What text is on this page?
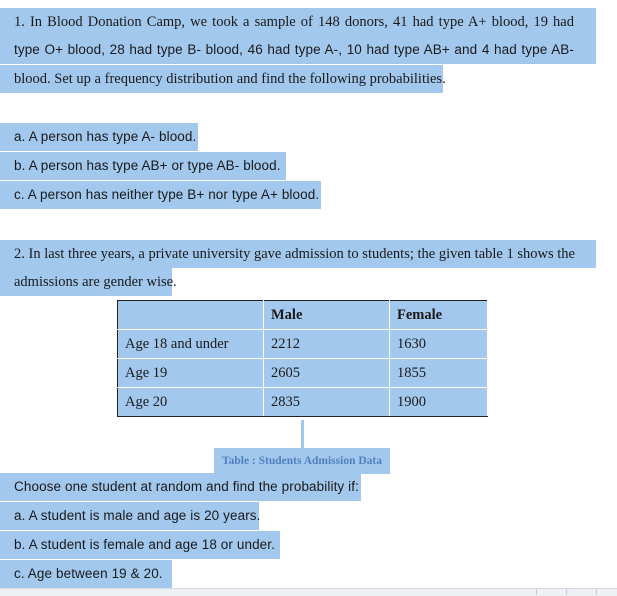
1. In Blood Donation Camp, we took a sample of 148 donors, 41 had type A+ blood, 19 had
type O+ blood, 28 had type B- blood, 46 had type A-, 10 had type AB+ and 4 had type AB-
blood. Set up a frequency distribution and find the following probabilities.
a. A person has type A- blood.
b. A person has type AB+ or type AB- blood.
c. A person has neither type B+ nor type A+ blood.
2. In last three years, a private university gave admission to students; the given table 1 shows the
admissions are gender wise.
	Male	Female	
Age 18 and under	2212	1630	
Age 19	2605	1855	
Age 20	2835	1900	
Table : Students Admission Data
Choose one student at random and find the probability if:
a. A student is male and age is 20 years.
b. A student is female and age 18 or under.
c. Age between 19 & 20.
